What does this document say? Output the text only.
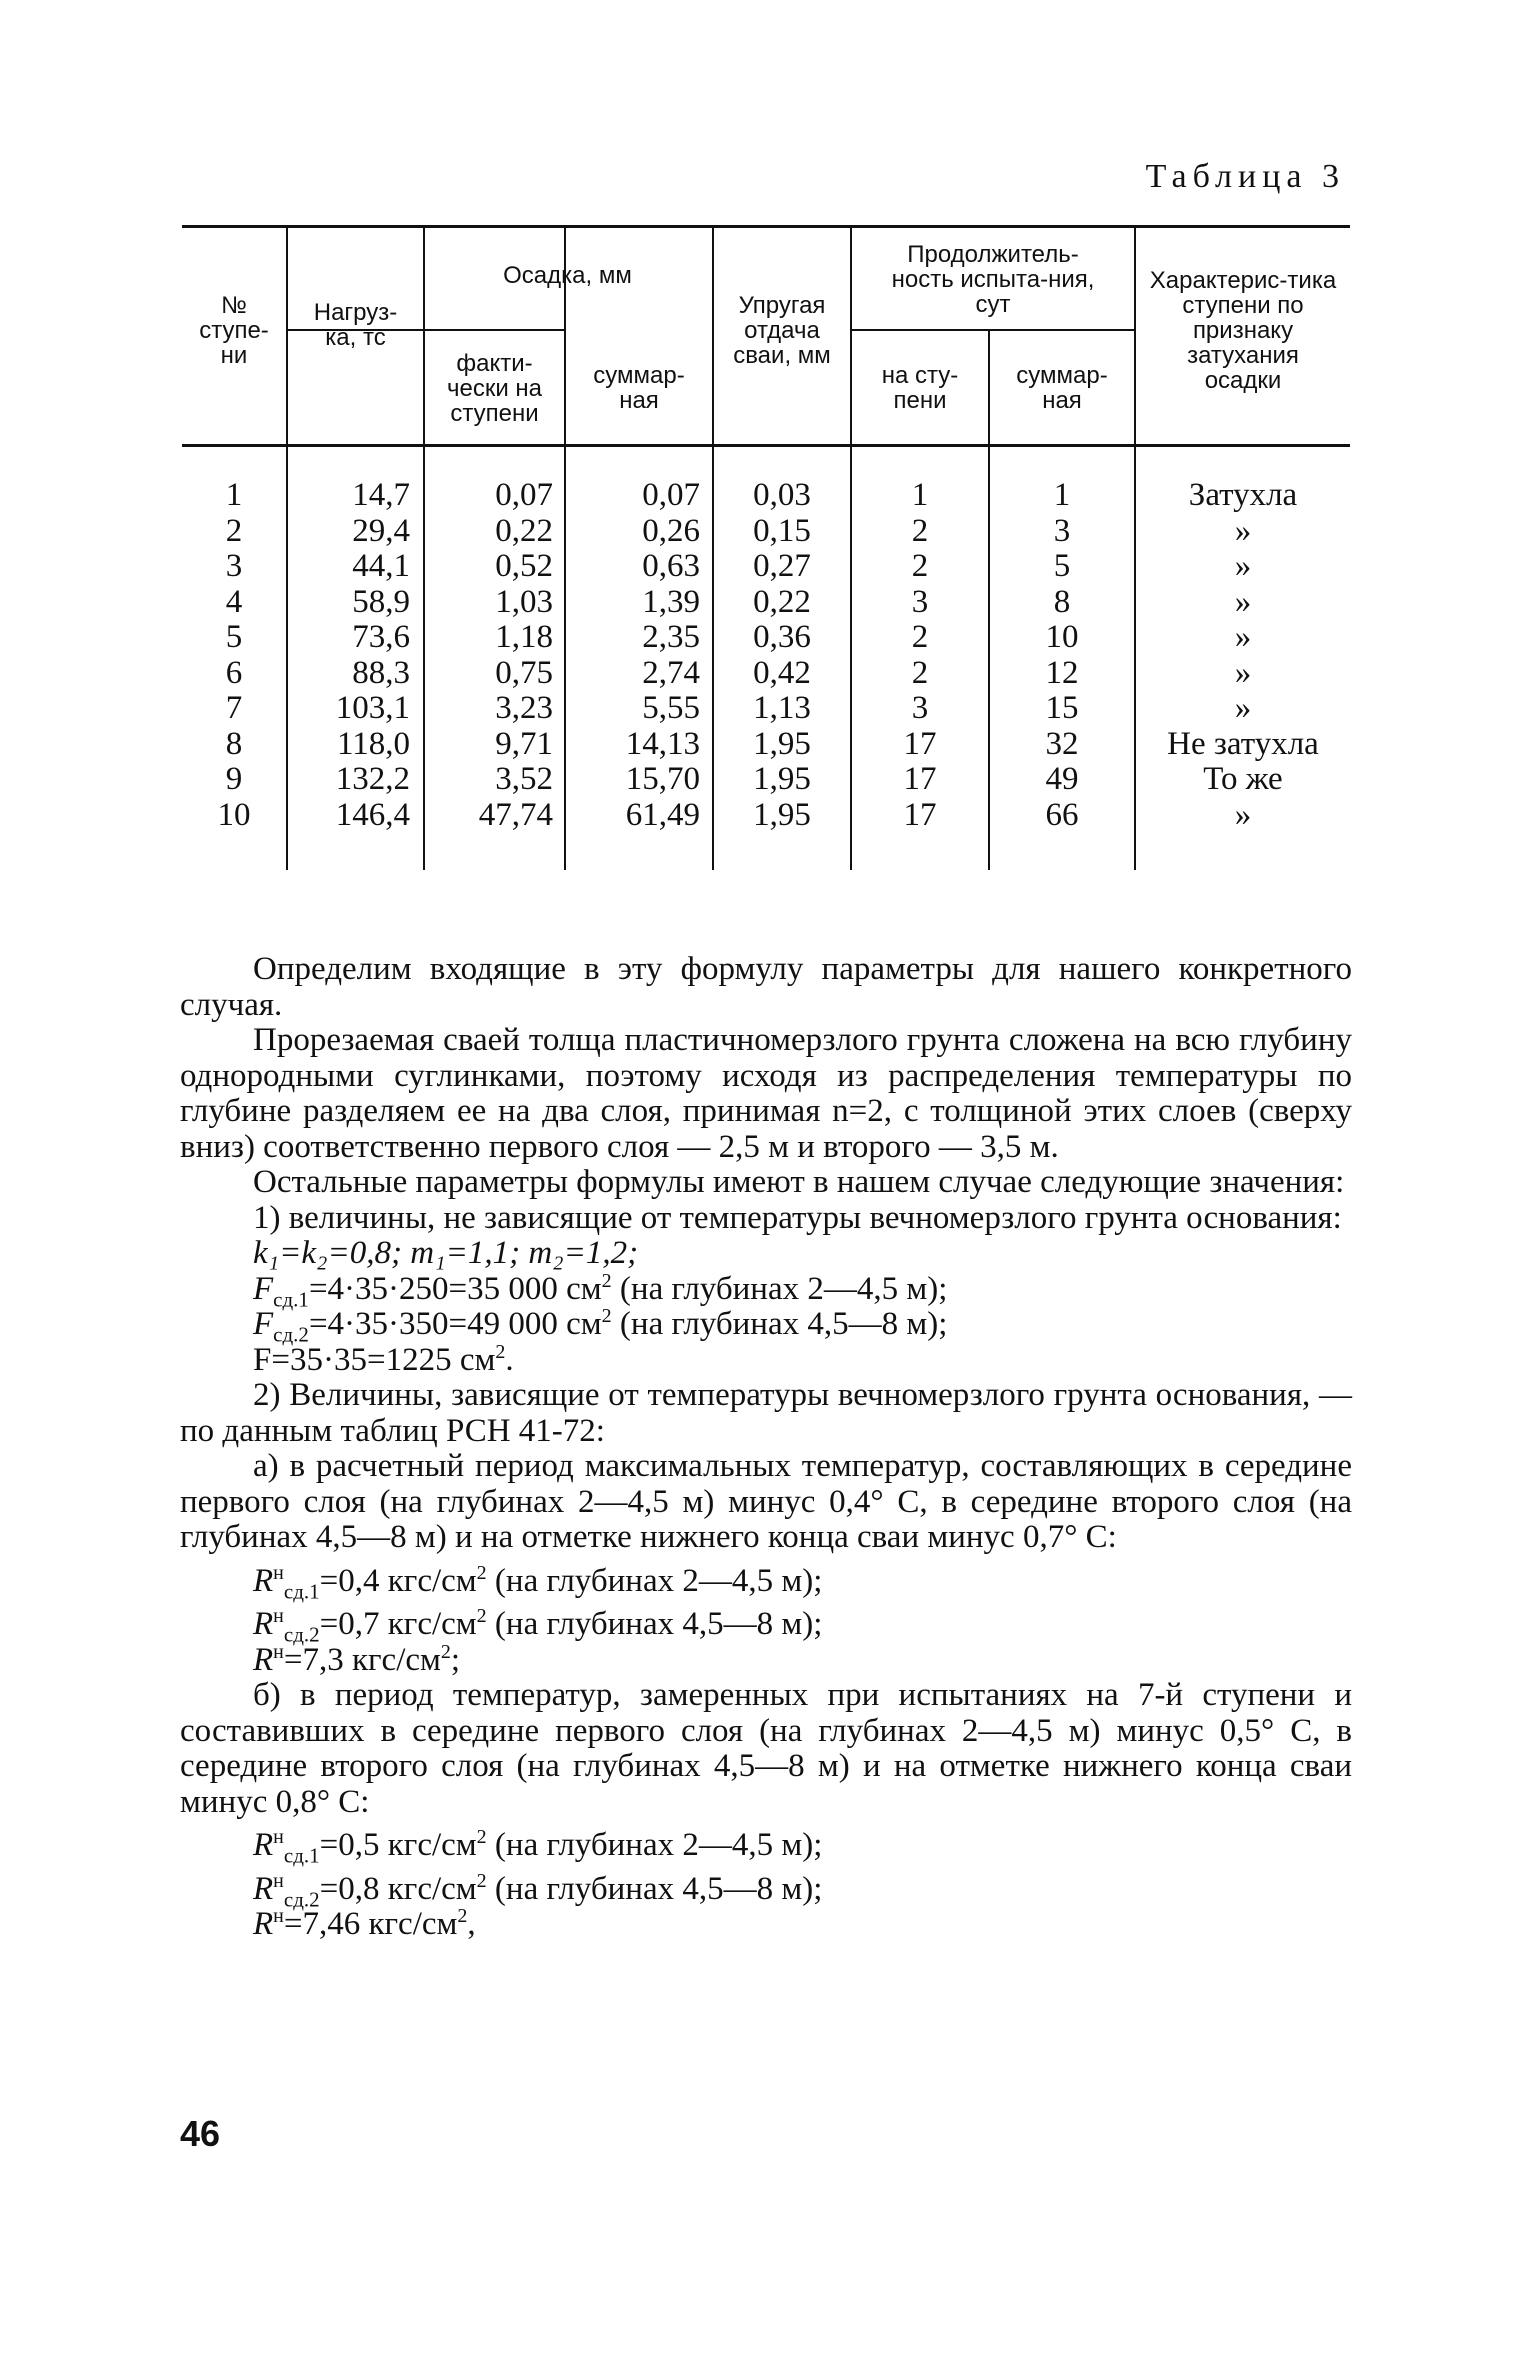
Таблица 3
№ ступе-ни
Нагруз-ка, тс
Осадка, мм
факти-чески на ступени
суммар-ная
Упругая отдача сваи, мм
Продолжитель-ность испыта-ния, сут
на сту-пени
суммар-ная
Характерис-тика ступени по признаку затухания осадки
1
2
3
4
5
6
7
8
9
10
14,7
29,4
44,1
58,9
73,6
88,3
103,1
118,0
132,2
146,4
0,07
0,22
0,52
1,03
1,18
0,75
3,23
9,71
3,52
47,74
0,07
0,26
0,63
1,39
2,35
2,74
5,55
14,13
15,70
61,49
0,03
0,15
0,27
0,22
0,36
0,42
1,13
1,95
1,95
1,95
1
2
2
3
2
2
3
17
17
17
1
3
5
8
10
12
15
32
49
66
Затухла
»
»
»
»
»
»
Не затухла
То же
»

Определим входящие в эту формулу параметры для нашего конкретного случая.

Прорезаемая сваей толща пластичномерзлого грунта сложена на всю глубину однородными суглинками, поэтому исходя из распределения температуры по глубине разделяем ее на два слоя, принимая n=2, с толщиной этих слоев (сверху вниз) соответственно первого слоя — 2,5 м и второго — 3,5 м.

Остальные параметры формулы имеют в нашем случае следующие значения:

1) величины, не зависящие от температуры вечномерзлого грунта основания:

k₁=k₂=0,8; m₁=1,1; m₂=1,2;

$F_{сд.1}=4\cdot 35\cdot 250=35$ 000 $см^2$ (на глубинах 2—4,5 м);

$F_{сд.2}=4\cdot 35\cdot 350=49$ 000 $см^2$ (на глубинах 4,5—8 м);

F=35·35=1225 $см^2$.

2) Величины, зависящие от температуры вечномерзлого грунта основания, — по данным таблиц РСН 41-72:

а) в расчетный период максимальных температур, составляющих в середине первого слоя (на глубинах 2—4,5 м) минус 0,4° С, в середине второго слоя (на глубинах 4,5—8 м) и на отметке нижнего конца сваи минус 0,7° С:

$R^н_{сд.1}=0,4$ кгс/$см^2$ (на глубинах 2—4,5 м);

$R^н_{сд.2}=0,7$ кгс/$см^2$ (на глубинах 4,5—8 м);

$R^н=7,3$ кгс/$см^2$;

б) в период температур, замеренных при испытаниях на 7-й ступени и составивших в середине первого слоя (на глубинах 2—4,5 м) минус 0,5° С, в середине второго слоя (на глубинах 4,5—8 м) и на отметке нижнего конца сваи минус 0,8° С:

$R^н_{сд.1}=0,5$ кгс/$см^2$ (на глубинах 2—4,5 м);

$R^н_{сд.2}=0,8$ кгс/$см^2$ (на глубинах 4,5—8 м);

$R^н=7,46$ кгс/$см^2$,

46
